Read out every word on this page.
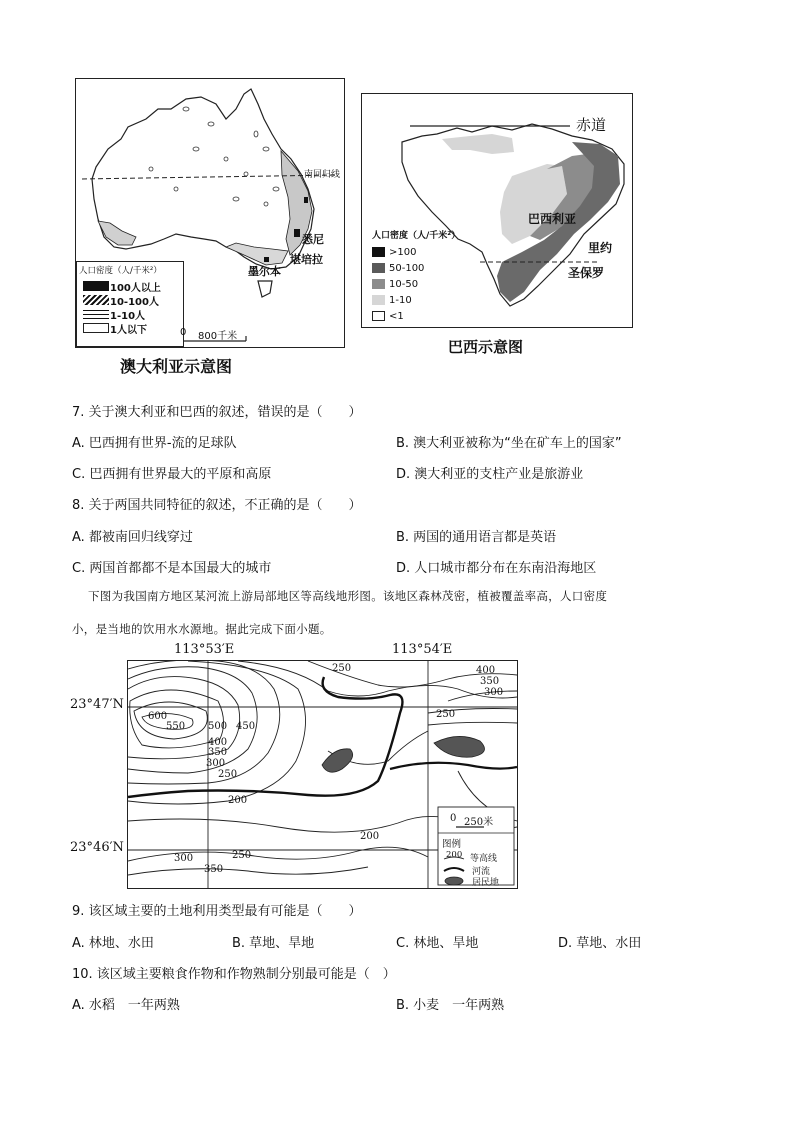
南回归线
悉尼
堪培拉
墨尔本
人口密度（人/千米²）
100人以上
10-100人
1-10人
1人以下	0 800千米
澳大利亚示意图
赤道
巴西利亚
里约
圣保罗
人口密度（人/千米²）
>100
50-100
10-50
1-10
<1
巴西示意图
7. 关于澳大利亚和巴西的叙述，错误的是（　　）
A. 巴西拥有世界-流的足球队	B. 澳大利亚被称为“坐在矿车上的国家”
C. 巴西拥有世界最大的平原和高原	D. 澳大利亚的支柱产业是旅游业
8. 关于两国共同特征的叙述，不正确的是（　　）
A. 都被南回归线穿过	B. 两国的通用语言都是英语
C. 两国首都都不是本国最大的城市	D. 人口城市都分布在东南沿海地区
下图为我国南方地区某河流上游局部地区等高线地形图。该地区森林茂密，植被覆盖率高，人口密度
小，是当地的饮用水水源地。据此完成下面小题。
113°53′E	113°54′E
23°47′N
23°46′N
600
550 500 450
400
350
300
250
200
250	400
350
300
250
200
300	250
350
0 250米
图例
200 等高线
河流
居民地
9. 该区域主要的土地利用类型最有可能是（　　）
A. 林地、水田	B. 草地、旱地	C. 林地、旱地	D. 草地、水田
10. 该区域主要粮食作物和作物熟制分别最可能是（　）
A. 水稻　一年两熟	B. 小麦　一年两熟
